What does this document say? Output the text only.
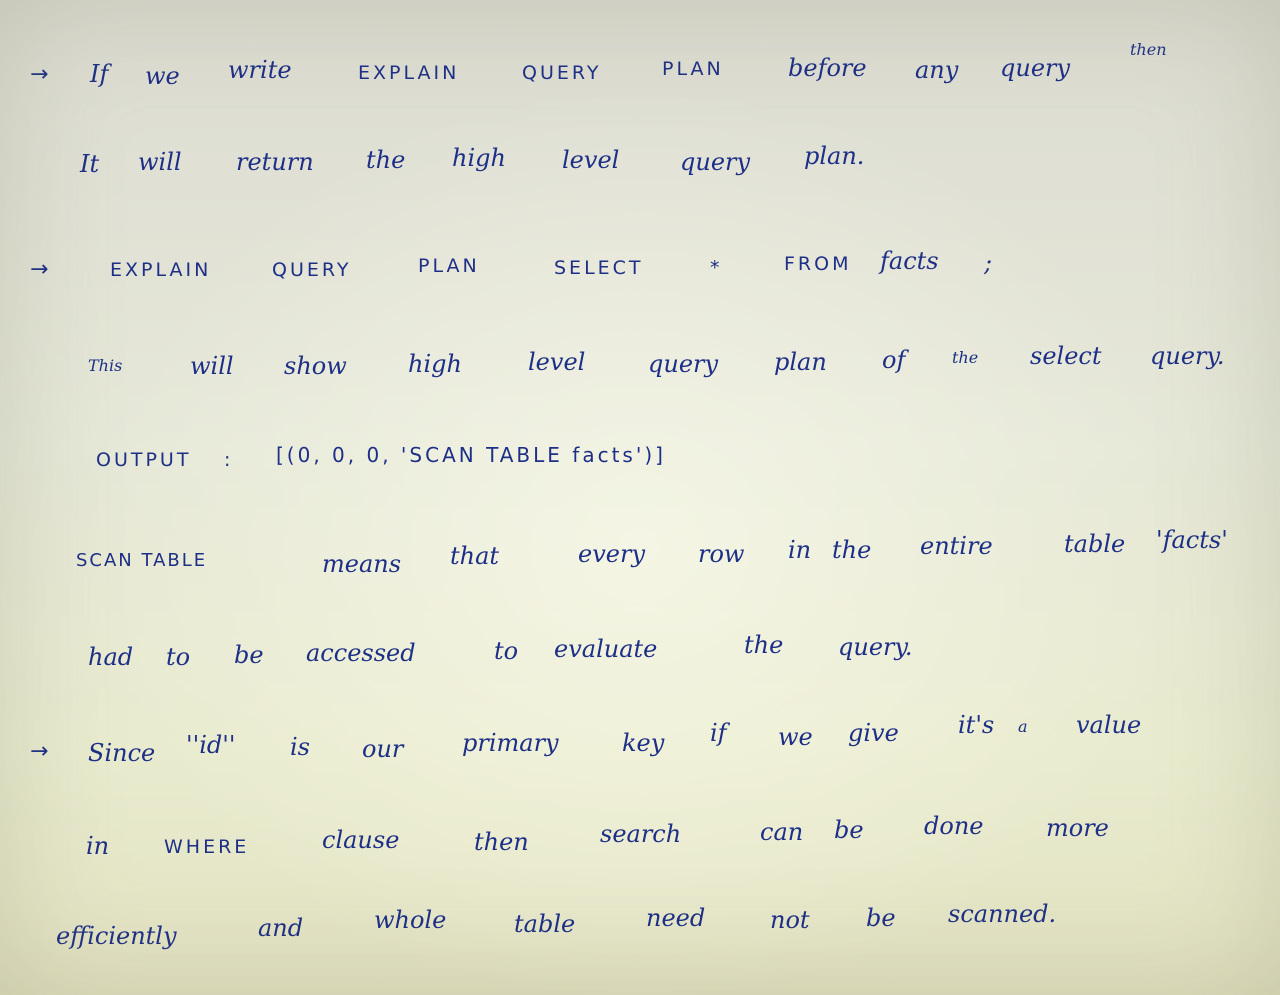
→ If we write	EXPLAIN	QUERY	PLAN	before any query
then
It will return the high level	query plan.
→	EXPLAIN	QUERY	PLAN	SELECT	*	FROM facts ;
This	will show	high	level	query plan of	the select query.
OUTPUT : [(0, 0, 0, 'SCAN TABLE facts')]
SCAN TABLE	means that	every row in the entire	table 'facts'
had to be accessed	to evaluate	the query.
→ Since ''id'' is our primary	key if we give it's a value
in	WHERE	clause	then	search	can be	done	more
efficiently	and	whole	table	need	not be scanned.
